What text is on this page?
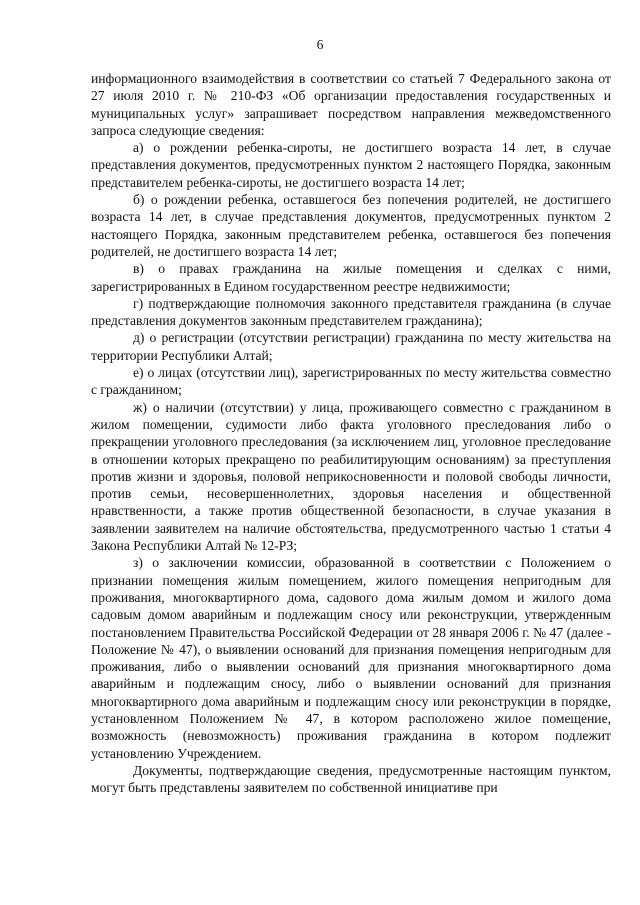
6

информационного взаимодействия в соответствии со статьей 7 Федерального закона от 27 июля 2010 г. № 210-ФЗ «Об организации предоставления государственных и муниципальных услуг» запрашивает посредством направления межведомственного запроса следующие сведения:

а) о рождении ребенка-сироты, не достигшего возраста 14 лет, в случае представления документов, предусмотренных пунктом 2 настоящего Порядка, законным представителем ребенка-сироты, не достигшего возраста 14 лет;

б) о рождении ребенка, оставшегося без попечения родителей, не достигшего возраста 14 лет, в случае представления документов, предусмотренных пунктом 2 настоящего Порядка, законным представителем ребенка, оставшегося без попечения родителей, не достигшего возраста 14 лет;

в) о правах гражданина на жилые помещения и сделках с ними, зарегистрированных в Едином государственном реестре недвижимости;

г) подтверждающие полномочия законного представителя гражданина (в случае представления документов законным представителем гражданина);

д) о регистрации (отсутствии регистрации) гражданина по месту жительства на территории Республики Алтай;

е) о лицах (отсутствии лиц), зарегистрированных по месту жительства совместно с гражданином;

ж) о наличии (отсутствии) у лица, проживающего совместно с гражданином в жилом помещении, судимости либо факта уголовного преследования либо о прекращении уголовного преследования (за исключением лиц, уголовное преследование в отношении которых прекращено по реабилитирующим основаниям) за преступления против жизни и здоровья, половой неприкосновенности и половой свободы личности, против семьи, несовершеннолетних, здоровья населения и общественной нравственности, а также против общественной безопасности, в случае указания в заявлении заявителем на наличие обстоятельства, предусмотренного частью 1 статьи 4 Закона Республики Алтай № 12-РЗ;

з) о заключении комиссии, образованной в соответствии с Положением о признании помещения жилым помещением, жилого помещения непригодным для проживания, многоквартирного дома, садового дома жилым домом и жилого дома садовым домом аварийным и подлежащим сносу или реконструкции, утвержденным постановлением Правительства Российской Федерации от 28 января 2006 г. № 47 (далее - Положение № 47), о выявлении оснований для признания помещения непригодным для проживания, либо о выявлении оснований для признания многоквартирного дома аварийным и подлежащим сносу, либо о выявлении оснований для признания многоквартирного дома аварийным и подлежащим сносу или реконструкции в порядке, установленном Положением № 47, в котором расположено жилое помещение, возможность (невозможность) проживания гражданина в котором подлежит установлению Учреждением.

Документы, подтверждающие сведения, предусмотренные настоящим пунктом, могут быть представлены заявителем по собственной инициативе при
